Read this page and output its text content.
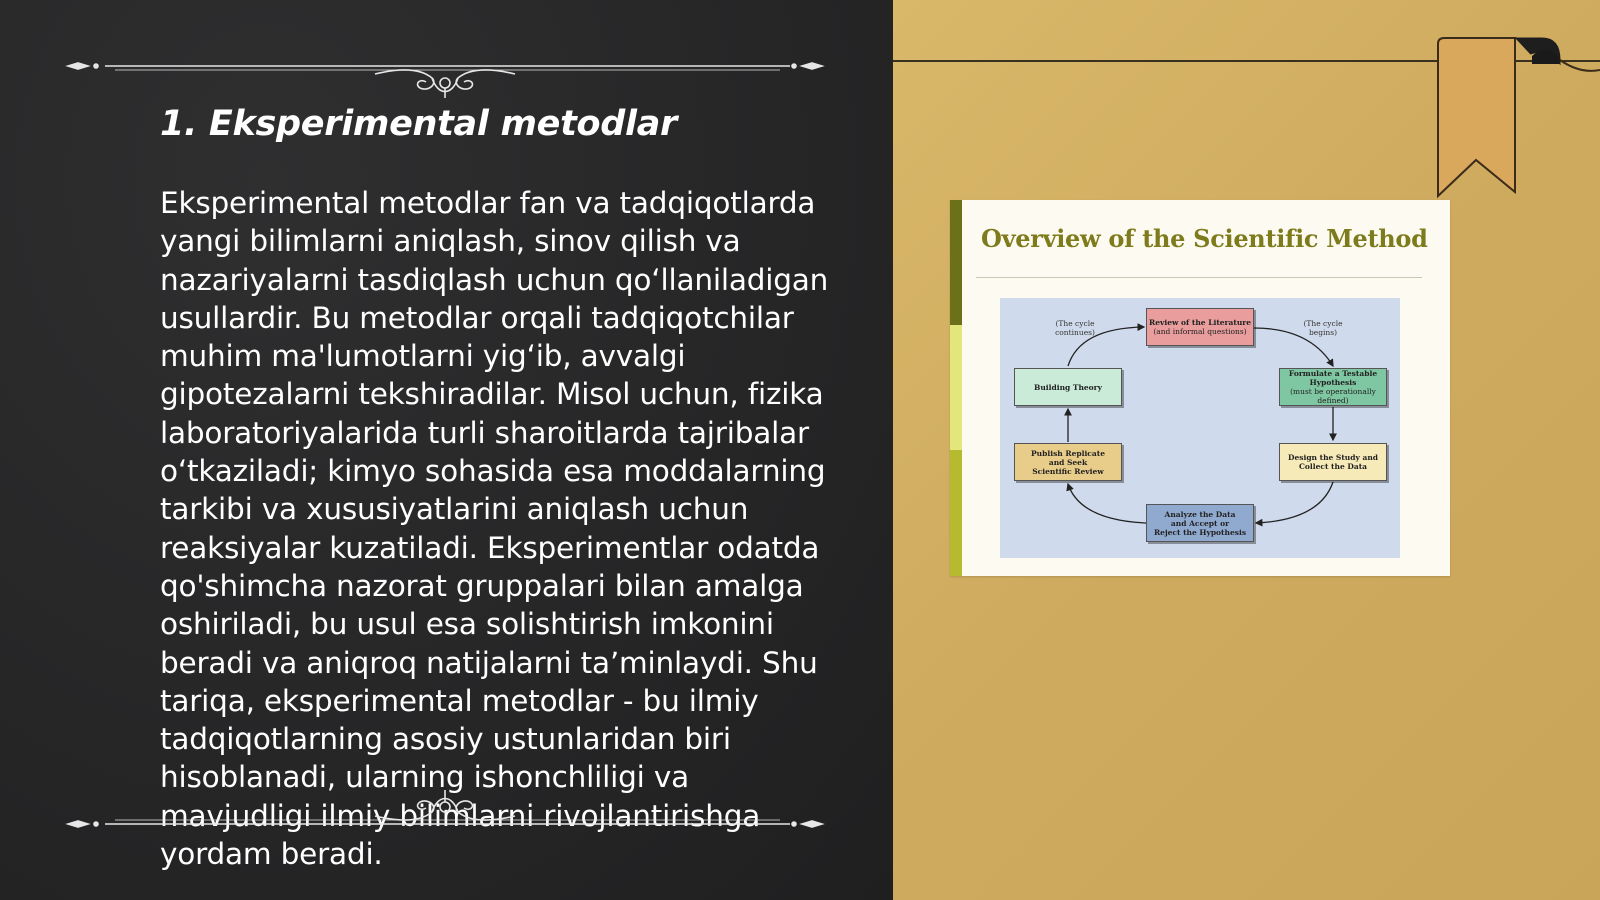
1. Eksperimental metodlar

Eksperimental metodlar fan va tadqiqotlarda yangi bilimlarni aniqlash, sinov qilish va nazariyalarni tasdiqlash uchun qo‘llaniladigan usullardir. Bu metodlar orqali tadqiqotchilar muhim ma'lumotlarni yig‘ib, avvalgi gipotezalarni tekshiradilar. Misol uchun, fizika laboratoriyalarida turli sharoitlarda tajribalar o‘tkaziladi; kimyo sohasida esa moddalarning tarkibi va xususiyatlarini aniqlash uchun reaksiyalar kuzatiladi. Eksperimentlar odatda qo'shimcha nazorat gruppalari bilan amalga oshiriladi, bu usul esa solishtirish imkonini beradi va aniqroq natijalarni ta’minlaydi. Shu tariqa, eksperimental metodlar - bu ilmiy tadqiqotlarning asosiy ustunlaridan biri hisoblanadi, ularning ishonchliligi va mavjudligi ilmiy bilimlarni rivojlantirishga yordam beradi.

Overview of the Scientific Method
(The cycle continues)
(The cycle begins)
Review of the Literature
(and informal questions)
Formulate a Testable
Hypothesis
(must be operationally defined)
Design the Study and
Collect the Data
Analyze the Data
and Accept or
Reject the Hypothesis
Publish Replicate
and Seek
Scientific Review
Building Theory
